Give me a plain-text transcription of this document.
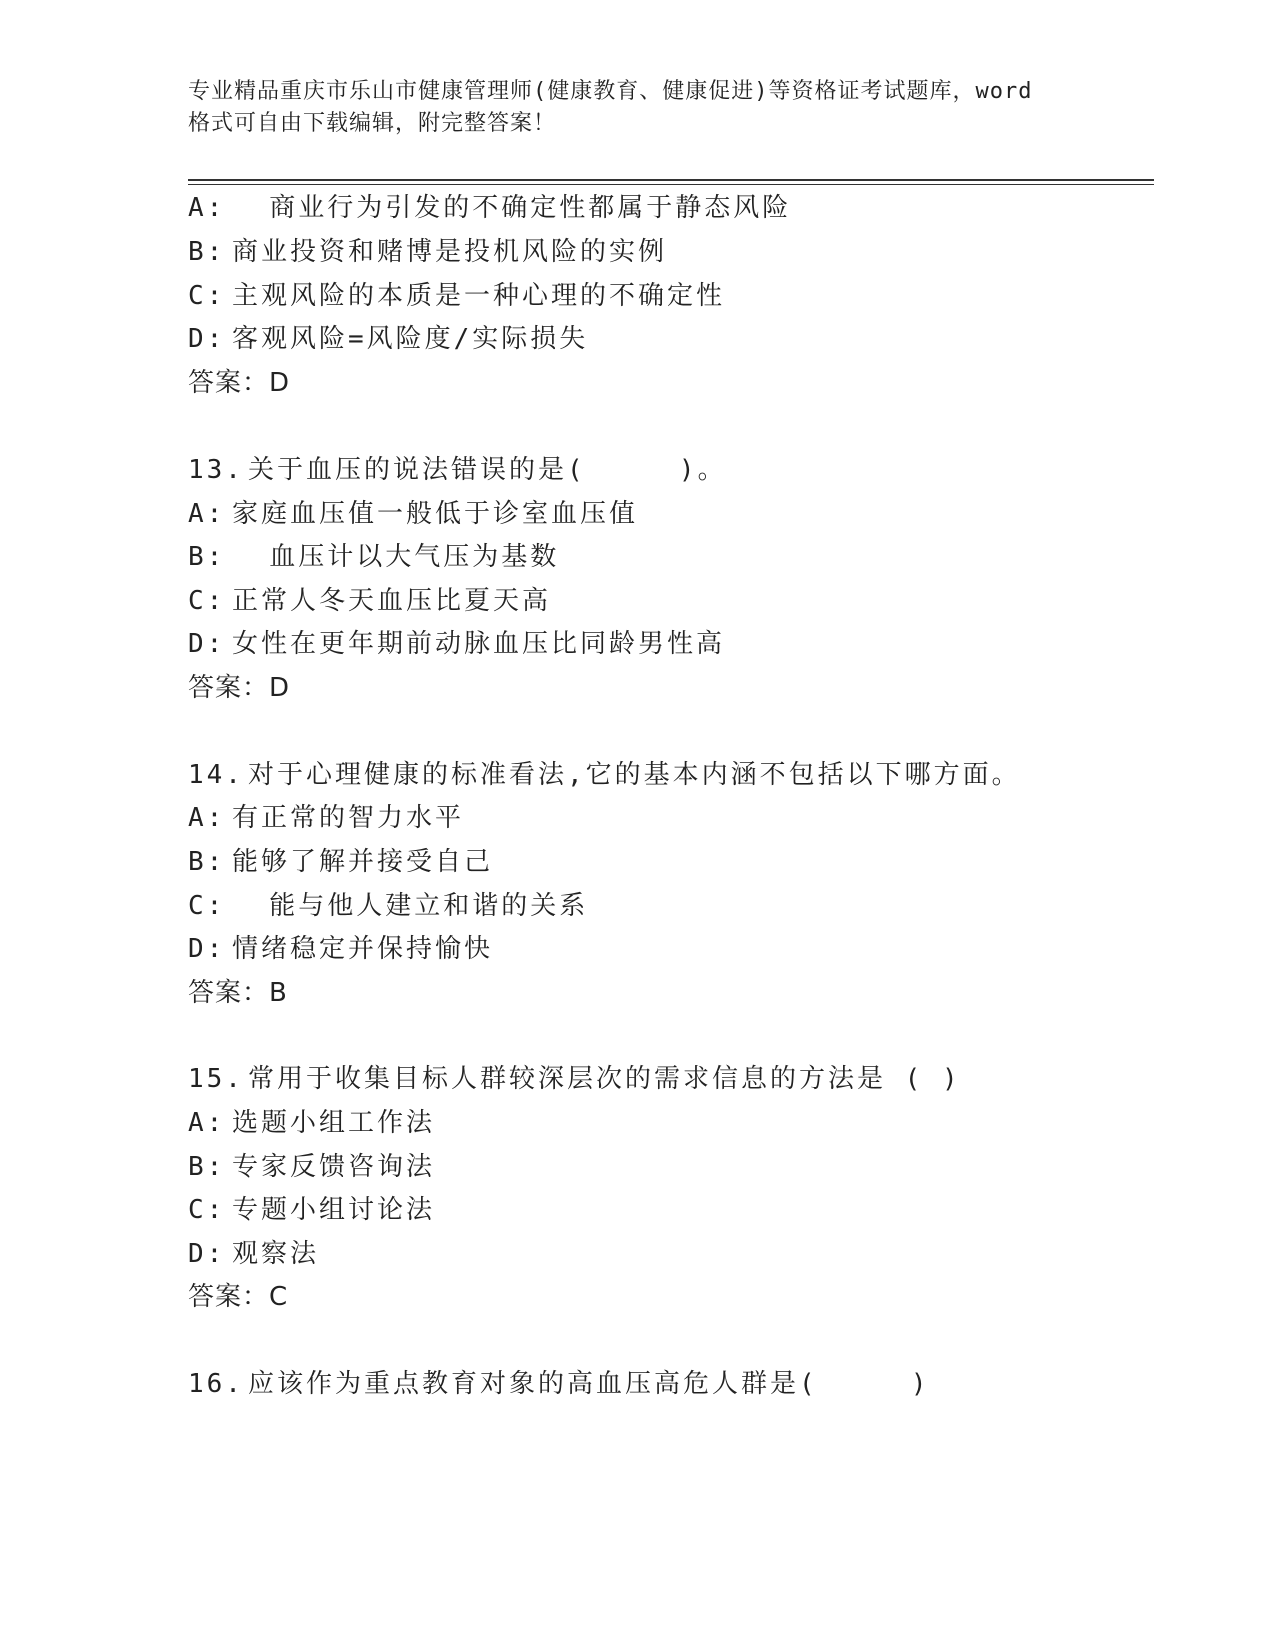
专业精品重庆市乐山市健康管理师(健康教育、健康促进)等资格证考试题库，word
格式可自由下载编辑，附完整答案！
A:  商业行为引发的不确定性都属于静态风险
B: 商业投资和赌博是投机风险的实例
C: 主观风险的本质是一种心理的不确定性
D: 客观风险=风险度/实际损失
答案：D
13. 关于血压的说法错误的是(     )。
A: 家庭血压值一般低于诊室血压值
B:  血压计以大气压为基数
C: 正常人冬天血压比夏天高
D: 女性在更年期前动脉血压比同龄男性高
答案：D
14. 对于心理健康的标准看法,它的基本内涵不包括以下哪方面。
A: 有正常的智力水平
B: 能够了解并接受自己
C:  能与他人建立和谐的关系
D: 情绪稳定并保持愉快
答案：B
15. 常用于收集目标人群较深层次的需求信息的方法是 ( )
A: 选题小组工作法
B: 专家反馈咨询法
C: 专题小组讨论法
D: 观察法
答案：C
16. 应该作为重点教育对象的高血压高危人群是(     )
